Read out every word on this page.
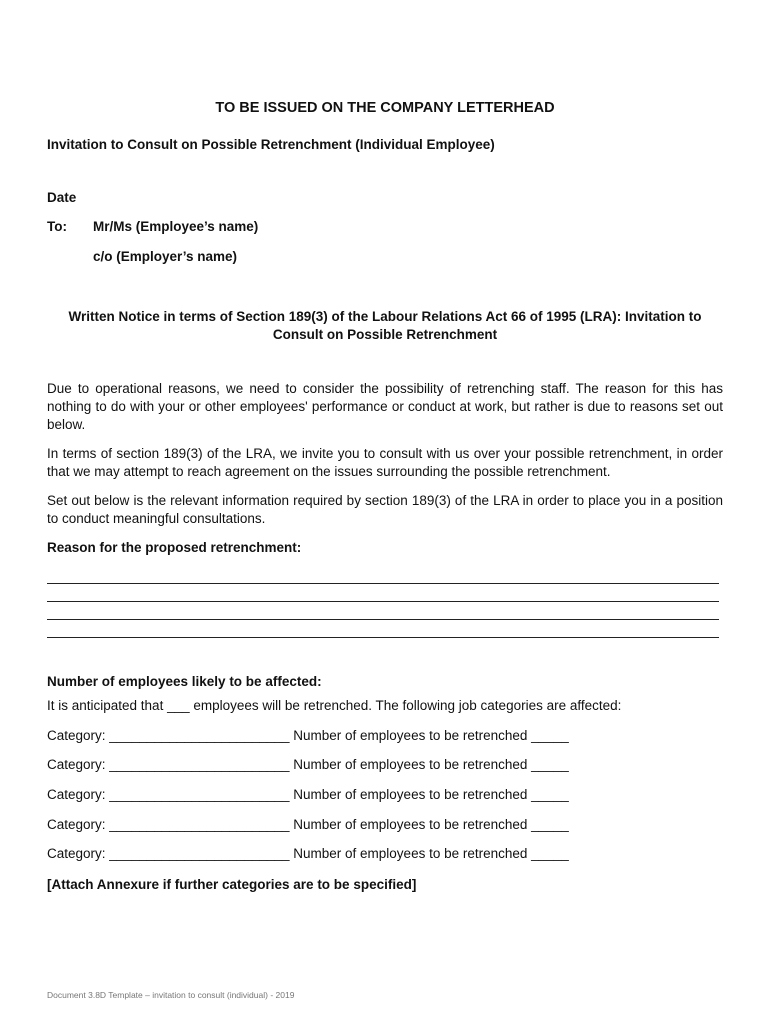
TO BE ISSUED ON THE COMPANY LETTERHEAD
Invitation to Consult on Possible Retrenchment (Individual Employee)
Date
To: Mr/Ms (Employee’s name)
c/o (Employer’s name)
Written Notice in terms of Section 189(3) of the Labour Relations Act 66 of 1995 (LRA): Invitation to Consult on Possible Retrenchment
Due to operational reasons, we need to consider the possibility of retrenching staff. The reason for this has nothing to do with your or other employees' performance or conduct at work, but rather is due to reasons set out below.
In terms of section 189(3) of the LRA, we invite you to consult with us over your possible retrenchment, in order that we may attempt to reach agreement on the issues surrounding the possible retrenchment.
Set out below is the relevant information required by section 189(3) of the LRA in order to place you in a position to conduct meaningful consultations.
Reason for the proposed retrenchment:
Number of employees likely to be affected:
It is anticipated that ___ employees will be retrenched. The following job categories are affected:
Category: ________________________ Number of employees to be retrenched _____
Category: ________________________ Number of employees to be retrenched _____
Category: ________________________ Number of employees to be retrenched _____
Category: ________________________ Number of employees to be retrenched _____
Category: ________________________ Number of employees to be retrenched _____
[Attach Annexure if further categories are to be specified]
Document 3.8D Template – invitation to consult (individual) - 2019
